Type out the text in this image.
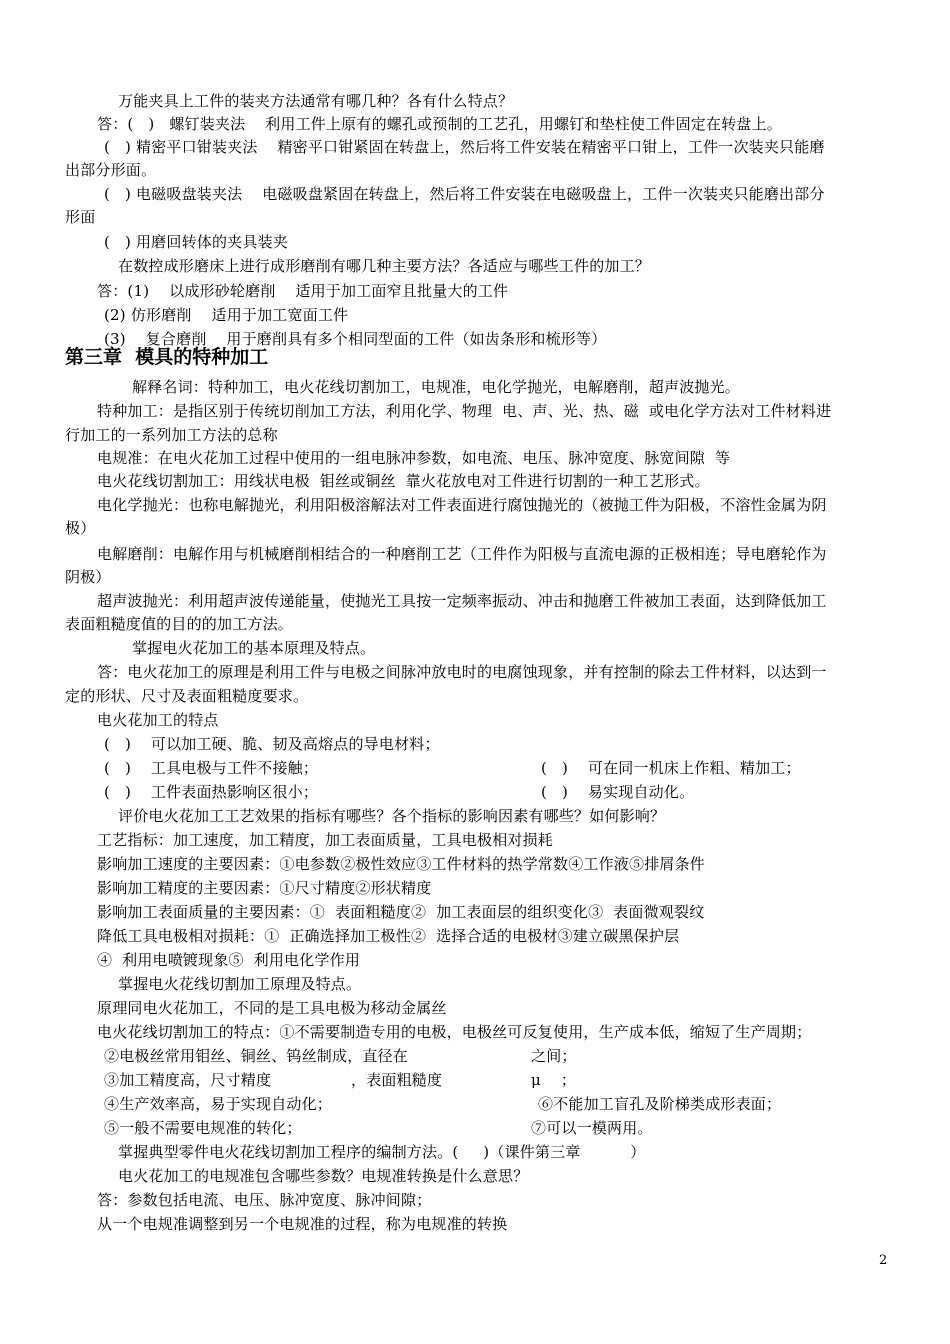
万能夹具上工件的装夹方法通常有哪几种？各有什么特点？
答：(   )   螺钉装夹法    利用工件上原有的螺孔或预制的工艺孔，用螺钉和垫柱使工件固定在转盘上。
(   ) 精密平口钳装夹法    精密平口钳紧固在转盘上，然后将工件安装在精密平口钳上，工件一次装夹只能磨
出部分形面。
(   ) 电磁吸盘装夹法    电磁吸盘紧固在转盘上，然后将工件安装在电磁吸盘上，工件一次装夹只能磨出部分
形面
(   ) 用磨回转体的夹具装夹
在数控成形磨床上进行成形磨削有哪几种主要方法？各适应与哪些工件的加工？
答：(1)    以成形砂轮磨削    适用于加工面窄且批量大的工件
(2) 仿形磨削    适用于加工宽面工件
(3)    复合磨削    用于磨削具有多个相同型面的工件（如齿条形和梳形等）
第三章  模具的特种加工
解释名词：特种加工，电火花线切割加工，电规准，电化学抛光，电解磨削，超声波抛光。
特种加工：是指区别于传统切削加工方法，利用化学、物理  电、声、光、热、磁  或电化学方法对工件材料进
行加工的一系列加工方法的总称
电规准：在电火花加工过程中使用的一组电脉冲参数，如电流、电压、脉冲宽度、脉宽间隙  等
电火花线切割加工：用线状电极  钼丝或铜丝  靠火花放电对工件进行切割的一种工艺形式。
电化学抛光：也称电解抛光，利用阳极溶解法对工件表面进行腐蚀抛光的（被抛工件为阳极，不溶性金属为阴
极）
电解磨削：电解作用与机械磨削相结合的一种磨削工艺（工件作为阳极与直流电源的正极相连；导电磨轮作为
阴极）
超声波抛光：利用超声波传递能量，使抛光工具按一定频率振动、冲击和抛磨工件被加工表面，达到降低加工
表面粗糙度值的目的的加工方法。
掌握电火花加工的基本原理及特点。
答：电火花加工的原理是利用工件与电极之间脉冲放电时的电腐蚀现象，并有控制的除去工件材料，以达到一
定的形状、尺寸及表面粗糙度要求。
电火花加工的特点
(   )    可以加工硬、脆、韧及高熔点的导电材料；
(   )    工具电极与工件不接触；	(   )    可在同一机床上作粗、精加工；
(   )    工件表面热影响区很小；	(   )    易实现自动化。
评价电火花加工工艺效果的指标有哪些？各个指标的影响因素有哪些？如何影响？
工艺指标：加工速度，加工精度，加工表面质量，工具电极相对损耗
影响加工速度的主要因素：①电参数②极性效应③工件材料的热学常数④工作液⑤排屑条件
影响加工精度的主要因素：①尺寸精度②形状精度
影响加工表面质量的主要因素：①  表面粗糙度②  加工表面层的组织变化③  表面微观裂纹
降低工具电极相对损耗：①  正确选择加工极性②  选择合适的电极材③建立碳黑保护层
④  利用电喷镀现象⑤  利用电化学作用
掌握电火花线切割加工原理及特点。
原理同电火花加工，不同的是工具电极为移动金属丝
电火花线切割加工的特点：①不需要制造专用的电极，电极丝可反复使用，生产成本低，缩短了生产周期；
②电极丝常用钼丝、铜丝、钨丝制成，直径在	之间；
③加工精度高，尺寸精度	，表面粗糙度	μ    ；
④生产效率高，易于实现自动化；	⑥不能加工盲孔及阶梯类成形表面；
⑤一般不需要电规准的转化；	⑦可以一模两用。
掌握典型零件电火花线切割加工程序的编制方法。(     )（课件第三章          ）
电火花加工的电规准包含哪些参数？电规准转换是什么意思？
答：参数包括电流、电压、脉冲宽度、脉冲间隙；
从一个电规准调整到另一个电规准的过程，称为电规准的转换
2
